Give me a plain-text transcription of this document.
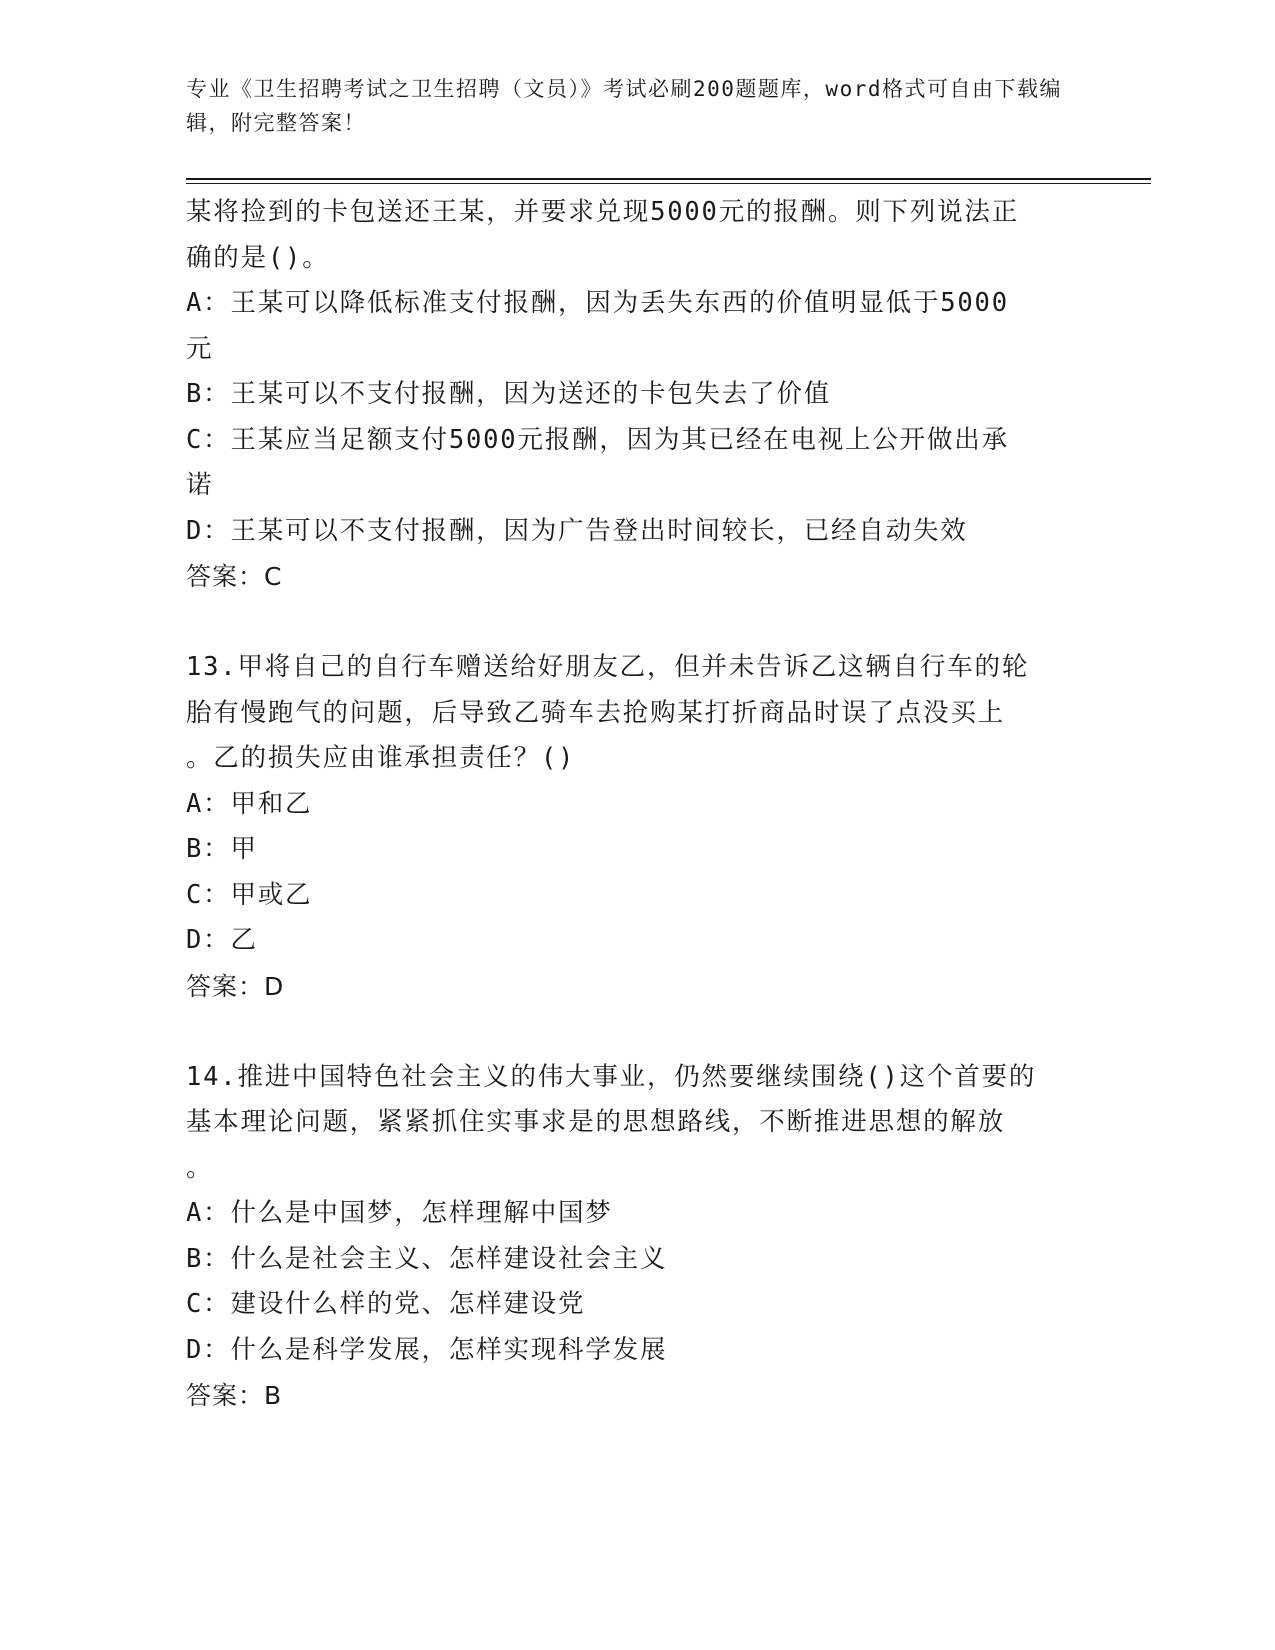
专业《卫生招聘考试之卫生招聘（文员）》考试必刷200题题库，word格式可自由下载编辑，附完整答案！
某将捡到的卡包送还王某，并要求兑现5000元的报酬。则下列说法正
确的是()。
A：王某可以降低标准支付报酬，因为丢失东西的价值明显低于5000
元
B：王某可以不支付报酬，因为送还的卡包失去了价值
C：王某应当足额支付5000元报酬，因为其已经在电视上公开做出承
诺
D：王某可以不支付报酬，因为广告登出时间较长，已经自动失效
答案：C
13.甲将自己的自行车赠送给好朋友乙，但并未告诉乙这辆自行车的轮
胎有慢跑气的问题，后导致乙骑车去抢购某打折商品时误了点没买上
。乙的损失应由谁承担责任？()
A：甲和乙
B：甲
C：甲或乙
D：乙
答案：D
14.推进中国特色社会主义的伟大事业，仍然要继续围绕()这个首要的
基本理论问题，紧紧抓住实事求是的思想路线，不断推进思想的解放
。
A：什么是中国梦，怎样理解中国梦
B：什么是社会主义、怎样建设社会主义
C：建设什么样的党、怎样建设党
D：什么是科学发展，怎样实现科学发展
答案：B
